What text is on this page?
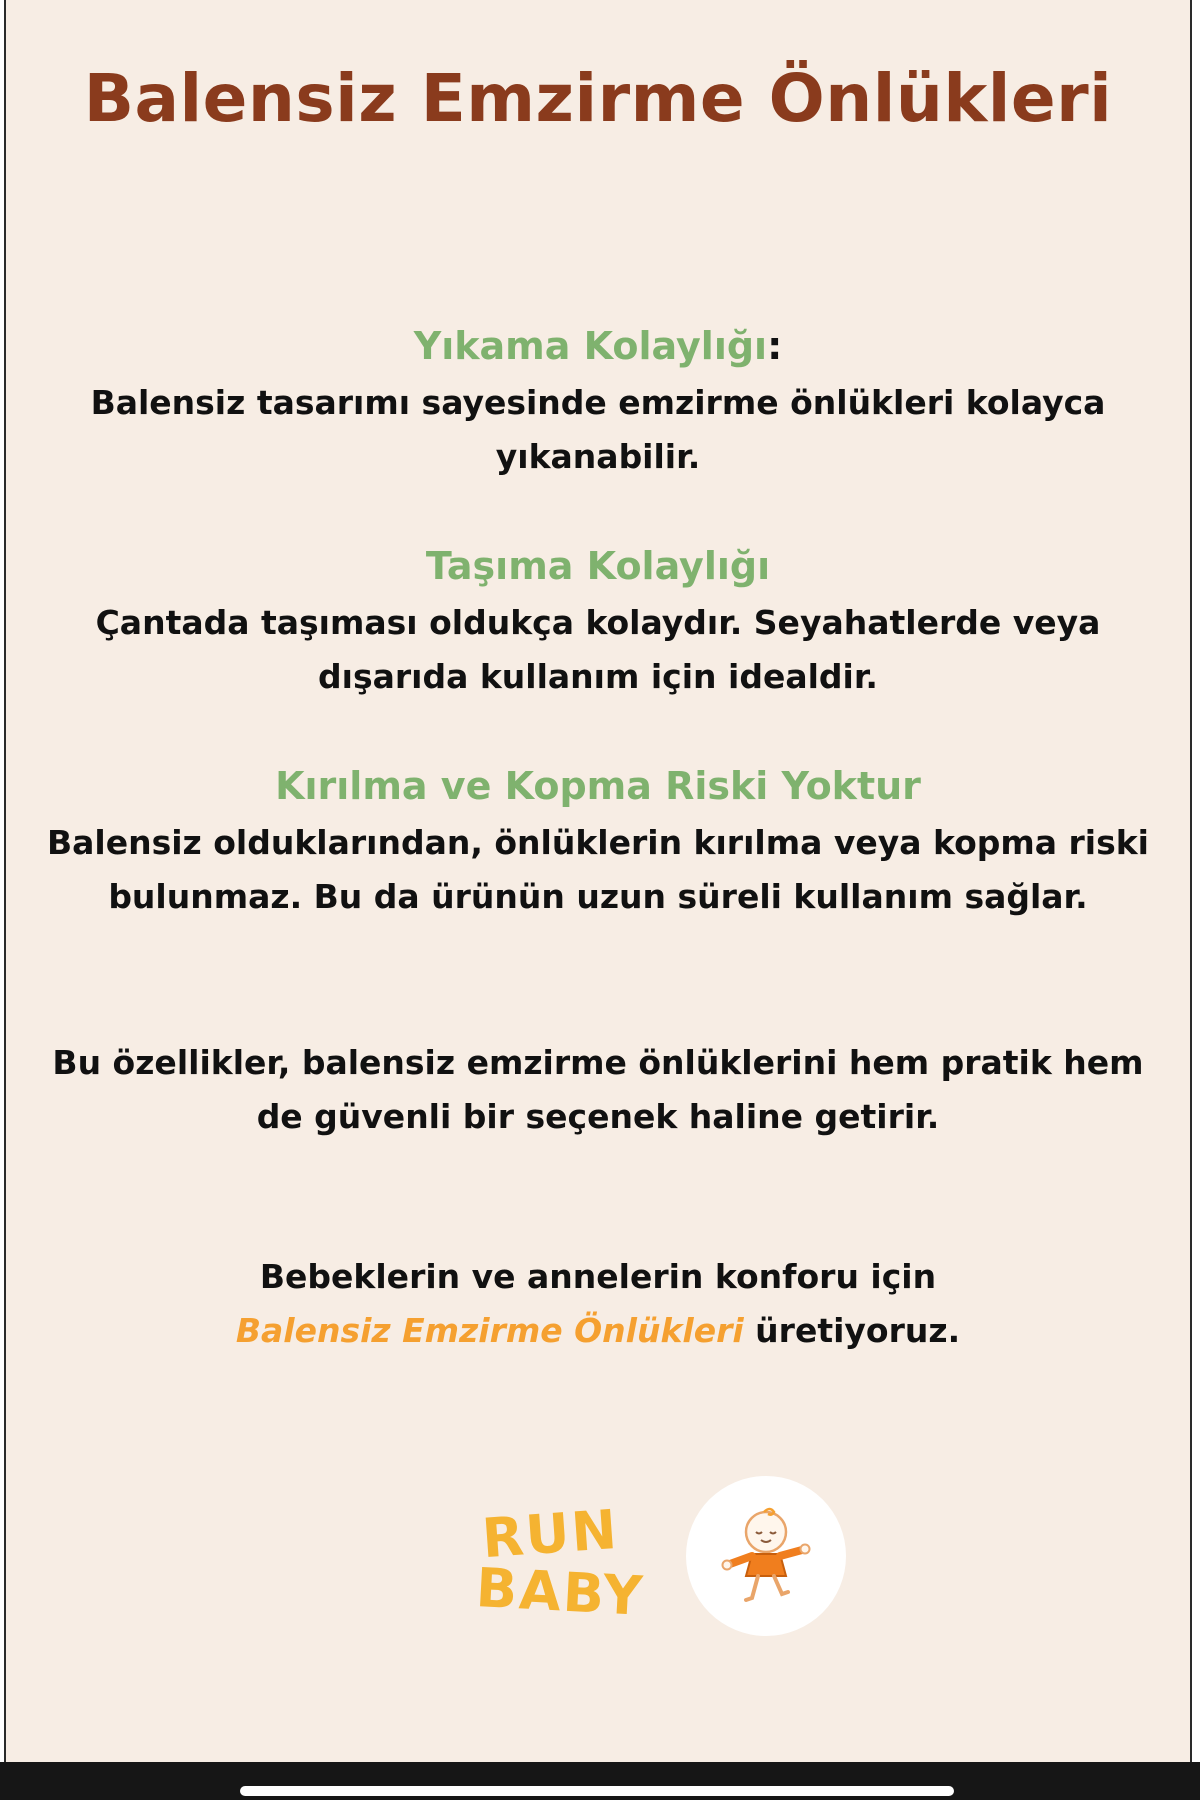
Balensiz Emzirme Önlükleri
Yıkama Kolaylığı:
Balensiz tasarımı sayesinde emzirme önlükleri kolayca
yıkanabilir.
Taşıma Kolaylığı
Çantada taşıması oldukça kolaydır. Seyahatlerde veya
dışarıda kullanım için idealdir.
Kırılma ve Kopma Riski Yoktur
Balensiz olduklarından, önlüklerin kırılma veya kopma riski
bulunmaz. Bu da ürünün uzun süreli kullanım sağlar.
Bu özellikler, balensiz emzirme önlüklerini hem pratik hem
de güvenli bir seçenek haline getirir.
Bebeklerin ve annelerin konforu için
Balensiz Emzirme Önlükleri üretiyoruz.
RUN
BABY
